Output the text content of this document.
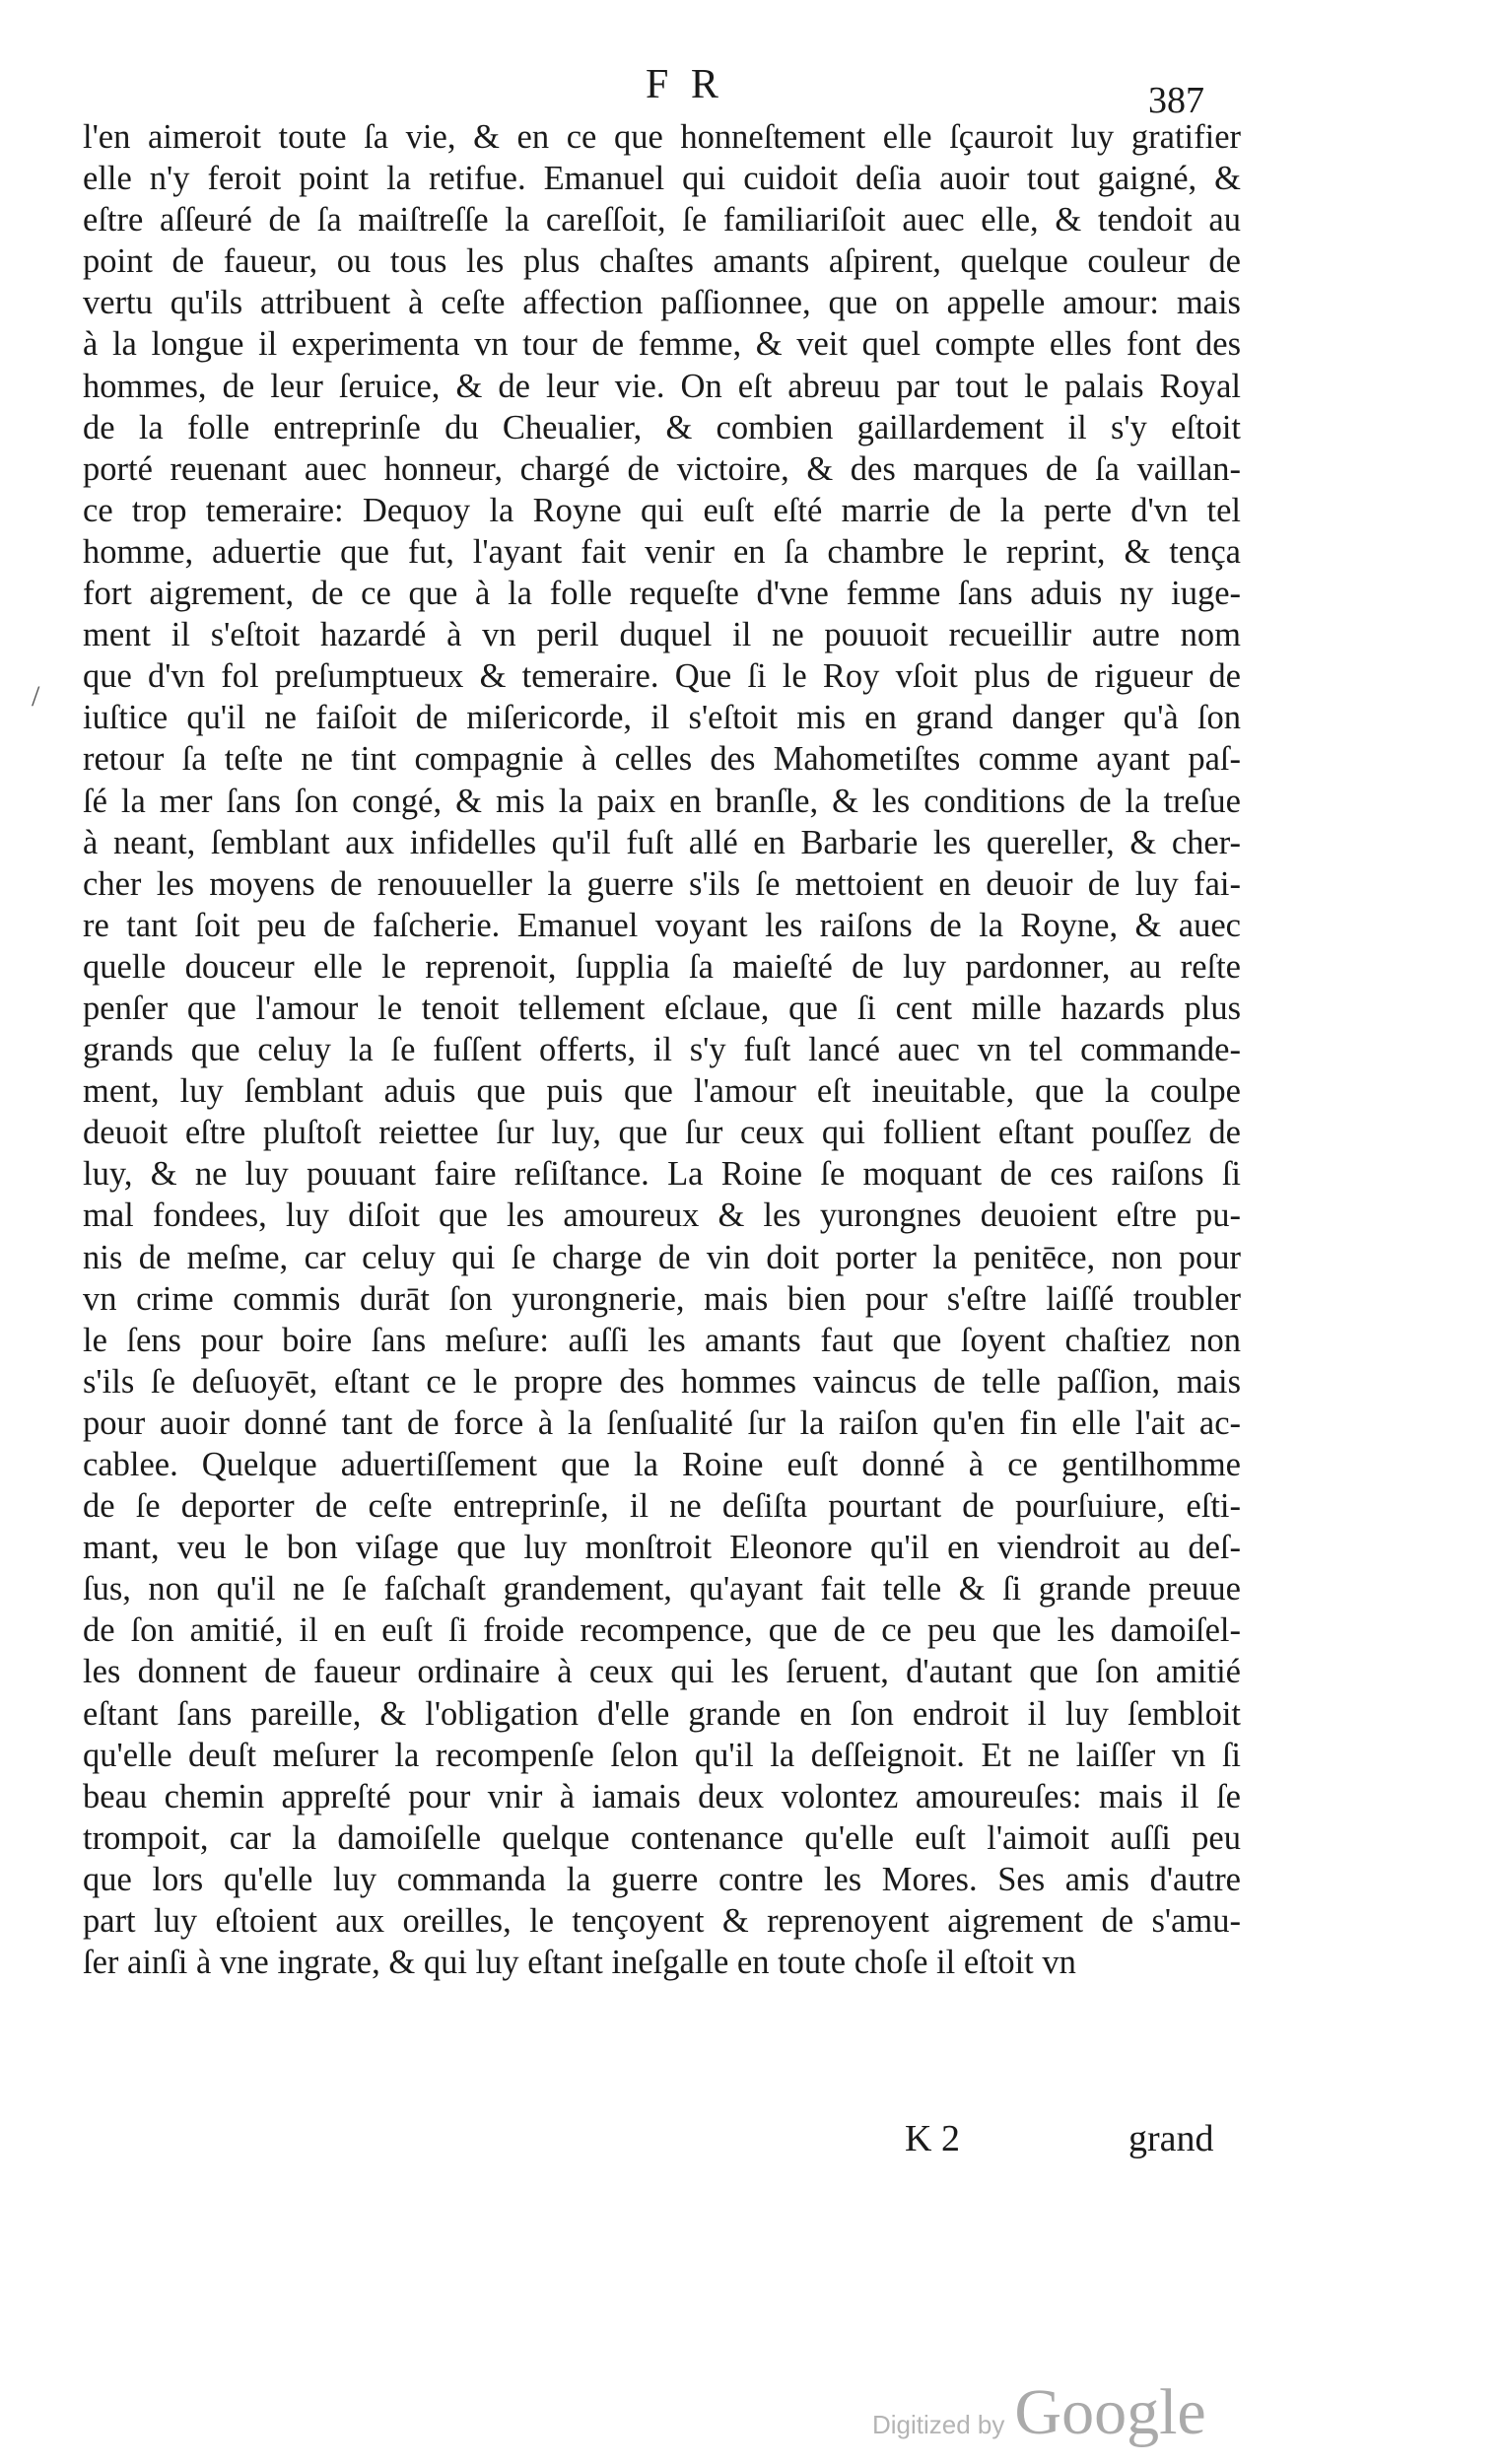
F R	387
/
l'en aimeroit toute ſa vie, & en ce que honneſtement elle ſçauroit luy gratifier
elle n'y feroit point la retifue. Emanuel qui cuidoit deſia auoir tout gaigné, &
eſtre aſſeuré de ſa maiſtreſſe la careſſoit, ſe familiariſoit auec elle, & tendoit au
point de faueur, ou tous les plus chaſtes amants aſpirent, quelque couleur de
vertu qu'ils attribuent à ceſte affection paſſionnee, que on appelle amour: mais
à la longue il experimenta vn tour de femme, & veit quel compte elles font des
hommes, de leur ſeruice, & de leur vie. On eſt abreuu par tout le palais Royal
de la folle entreprinſe du Cheualier, & combien gaillardement il s'y eſtoit
porté reuenant auec honneur, chargé de victoire, & des marques de ſa vaillan-
ce trop temeraire: Dequoy la Royne qui euſt eſté marrie de la perte d'vn tel
homme, aduertie que fut, l'ayant fait venir en ſa chambre le reprint, & tença
fort aigrement, de ce que à la folle requeſte d'vne femme ſans aduis ny iuge-
ment il s'eſtoit hazardé à vn peril duquel il ne pouuoit recueillir autre nom
que d'vn fol preſumptueux & temeraire. Que ſi le Roy vſoit plus de rigueur de
iuſtice qu'il ne faiſoit de miſericorde, il s'eſtoit mis en grand danger qu'à ſon
retour ſa teſte ne tint compagnie à celles des Mahometiſtes comme ayant paſ-
ſé la mer ſans ſon congé, & mis la paix en branſle, & les conditions de la treſue
à neant, ſemblant aux infidelles qu'il fuſt allé en Barbarie les quereller, & cher-
cher les moyens de renouueller la guerre s'ils ſe mettoient en deuoir de luy fai-
re tant ſoit peu de faſcherie. Emanuel voyant les raiſons de la Royne, & auec
quelle douceur elle le reprenoit, ſupplia ſa maieſté de luy pardonner, au reſte
penſer que l'amour le tenoit tellement eſclaue, que ſi cent mille hazards plus
grands que celuy la ſe fuſſent offerts, il s'y fuſt lancé auec vn tel commande-
ment, luy ſemblant aduis que puis que l'amour eſt ineuitable, que la coulpe
deuoit eſtre pluſtoſt reiettee ſur luy, que ſur ceux qui follient eſtant pouſſez de
luy, & ne luy pouuant faire reſiſtance. La Roine ſe moquant de ces raiſons ſi
mal fondees, luy diſoit que les amoureux & les yurongnes deuoient eſtre pu-
nis de meſme, car celuy qui ſe charge de vin doit porter la penitēce, non pour
vn crime commis durāt ſon yurongnerie, mais bien pour s'eſtre laiſſé troubler
le ſens pour boire ſans meſure: auſſi les amants faut que ſoyent chaſtiez non
s'ils ſe deſuoyēt, eſtant ce le propre des hommes vaincus de telle paſſion, mais
pour auoir donné tant de force à la ſenſualité ſur la raiſon qu'en fin elle l'ait ac-
cablee. Quelque aduertiſſement que la Roine euſt donné à ce gentilhomme
de ſe deporter de ceſte entreprinſe, il ne deſiſta pourtant de pourſuiure, eſti-
mant, veu le bon viſage que luy monſtroit Eleonore qu'il en viendroit au deſ-
ſus, non qu'il ne ſe faſchaſt grandement, qu'ayant fait telle & ſi grande preuue
de ſon amitié, il en euſt ſi froide recompence, que de ce peu que les damoiſel-
les donnent de faueur ordinaire à ceux qui les ſeruent, d'autant que ſon amitié
eſtant ſans pareille, & l'obligation d'elle grande en ſon endroit il luy ſembloit
qu'elle deuſt meſurer la recompenſe ſelon qu'il la deſſeignoit. Et ne laiſſer vn ſi
beau chemin appreſté pour vnir à iamais deux volontez amoureuſes: mais il ſe
trompoit, car la damoiſelle quelque contenance qu'elle euſt l'aimoit auſſi peu
que lors qu'elle luy commanda la guerre contre les Mores. Ses amis d'autre
part luy eſtoient aux oreilles, le tençoyent & reprenoyent aigrement de s'amu-
ſer ainſi à vne ingrate, & qui luy eſtant ineſgalle en toute choſe il eſtoit vn
K 2	grand
Digitized by Google
